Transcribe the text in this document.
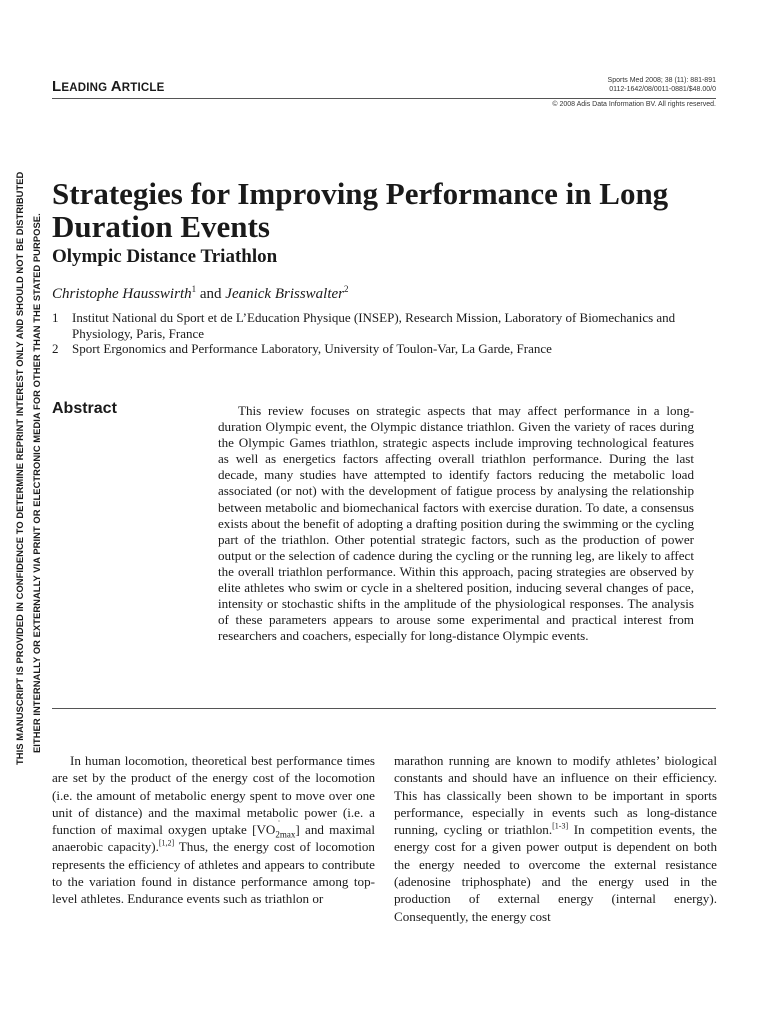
THIS MANUSCRIPT IS PROVIDED IN CONFIDENCE TO DETERMINE REPRINT INTEREST ONLY AND SHOULD NOT BE DISTRIBUTED EITHER INTERNALLY OR EXTERNALLY VIA PRINT OR ELECTRONIC MEDIA FOR OTHER THAN THE STATED PURPOSE.
LEADING ARTICLE
Sports Med 2008; 38 (11): 881-891
0112-1642/08/0011-0881/$48.00/0
© 2008 Adis Data Information BV. All rights reserved.
Strategies for Improving Performance in Long Duration Events
Olympic Distance Triathlon
Christophe Hausswirth$^1$ and Jeanick Brisswalter$^2$
1 Institut National du Sport et de L’Education Physique (INSEP), Research Mission, Laboratory of Biomechanics and Physiology, Paris, France
2 Sport Ergonomics and Performance Laboratory, University of Toulon-Var, La Garde, France
Abstract	This review focuses on strategic aspects that may affect performance in a long-duration Olympic event, the Olympic distance triathlon. Given the variety of races during the Olympic Games triathlon, strategic aspects include improving technological features as well as energetics factors affecting overall triathlon performance. During the last decade, many studies have attempted to identify factors reducing the metabolic load associated (or not) with the development of fatigue process by analysing the relationship between metabolic and biomechanical factors with exercise duration. To date, a consensus exists about the benefit of adopting a drafting position during the swimming or the cycling part of the triathlon. Other potential strategic factors, such as the production of power output or the selection of cadence during the cycling or the running leg, are likely to affect the overall triathlon performance. Within this approach, pacing strategies are observed by elite athletes who swim or cycle in a sheltered position, inducing several changes of pace, intensity or stochastic shifts in the amplitude of the physiological responses. The analysis of these parameters appears to arouse some experimental and practical interest from researchers and coachers, especially for long-distance Olympic events.

In human locomotion, theoretical best performance times are set by the product of the energy cost of the locomotion (i.e. the amount of metabolic energy spent to move over one unit of distance) and the maximal metabolic power (i.e. a function of maximal oxygen uptake [V	˙
$O_{2max}$] and maximal anaerobic capacity).[1,2] Thus, the energy cost of locomotion represents the efficiency of athletes and appears to contribute to the variation found in distance performance among top-level athletes. Endurance events such as triathlon or

marathon running are known to modify athletes’ biological constants and should have an influence on their efficiency. This has classically been shown to be important in sports performance, especially in events such as long-distance running, cycling or triathlon.[1-3] In competition events, the energy cost for a given power output is dependent on both the energy needed to overcome the external resistance (adenosine triphosphate) and the energy used in the production of external energy (internal energy). Consequently, the energy cost
